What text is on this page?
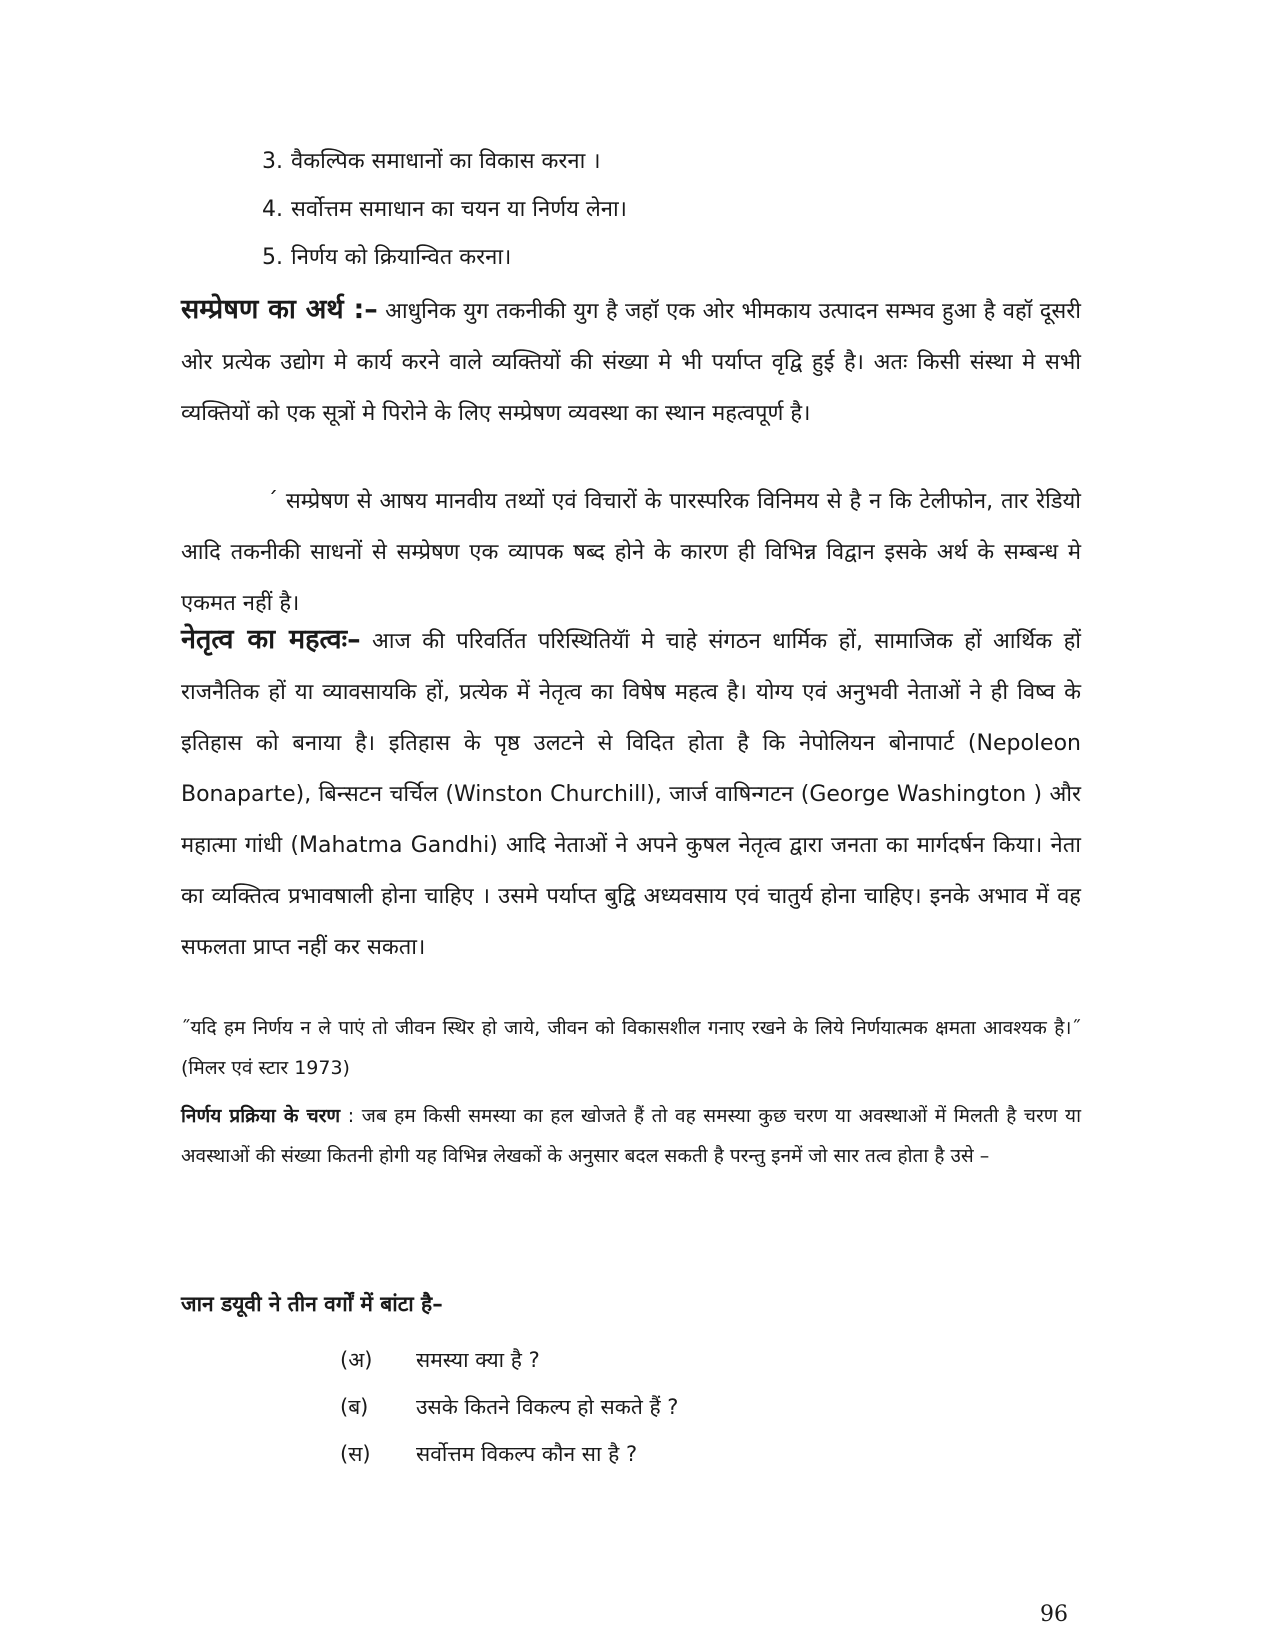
3. वैकल्पिक समाधानों का विकास करना ।
4. सर्वोत्तम समाधान का चयन या निर्णय लेना।
5. निर्णय को क्रियान्वित करना।

सम्प्रेषण का अर्थ :– आधुनिक युग तकनीकी युग है जहॉ एक ओर भीमकाय उत्पादन सम्भव हुआ है वहॉ दूसरी ओर प्रत्येक उद्योग मे कार्य करने वाले व्यक्तियों की संख्या मे भी पर्याप्त वृद्वि हुई है। अतः किसी संस्था मे सभी व्यक्तियों को एक सूत्रों मे पिरोने के लिए सम्प्रेषण व्यवस्था का स्थान महत्वपूर्ण है।

´ सम्प्रेषण से आषय मानवीय तथ्यों एवं विचारों के पारस्परिक विनिमय से है न कि टेलीफोन, तार रेडियो आदि तकनीकी साधनों से सम्प्रेषण एक व्यापक षब्द होने के कारण ही विभिन्न विद्वान इसके अर्थ के सम्बन्ध मे एकमत नहीं है।

नेतृत्व का महत्वः– आज की परिवर्तित परिस्थितियॅां मे चाहे संगठन धार्मिक हों, सामाजिक हों आर्थिक हों राजनैतिक हों या व्यावसायकि हों, प्रत्येक में नेतृत्व का विषेष महत्व है। योग्य एवं अनुभवी नेताओं ने ही विष्व के इतिहास को बनाया है। इतिहास के पृष्ठ उलटने से विदित होता है कि नेपोलियन बोनापार्ट (Nepoleon Bonaparte), बिन्सटन चर्चिल (Winston Churchill), जार्ज वाषिन्गटन (George Washington ) और महात्मा गांधी (Mahatma Gandhi) आदि नेताओं ने अपने कुषल नेतृत्व द्वारा जनता का मार्गदर्षन किया। नेता का व्यक्तित्व प्रभावषाली होना चाहिए । उसमे पर्याप्त बुद्वि अध्यवसाय एवं चातुर्य होना चाहिए। इनके अभाव में वह सफलता प्राप्त नहीं कर सकता।

˝यदि हम निर्णय न ले पाएं तो जीवन स्थिर हो जाये, जीवन को विकासशील गनाए रखने के लिये निर्णयात्मक क्षमता आवश्यक है।˝ (मिलर एवं स्टार 1973)

निर्णय प्रक्रिया के चरण : जब हम किसी समस्या का हल खोजते हैं तो वह समस्या कुछ चरण या अवस्थाओं में मिलती है चरण या अवस्थाओं की संख्या कितनी होगी यह विभिन्न लेखकों के अनुसार बदल सकती है परन्तु इनमें जो सार तत्व होता है उसे –

जान डयूवी ने तीन वर्गों में बांटा है–
(अ) समस्या क्या है ?
(ब) उसके कितने विकल्प हो सकते हैं ?
(स) सर्वोत्तम विकल्प कौन सा है ?
96
